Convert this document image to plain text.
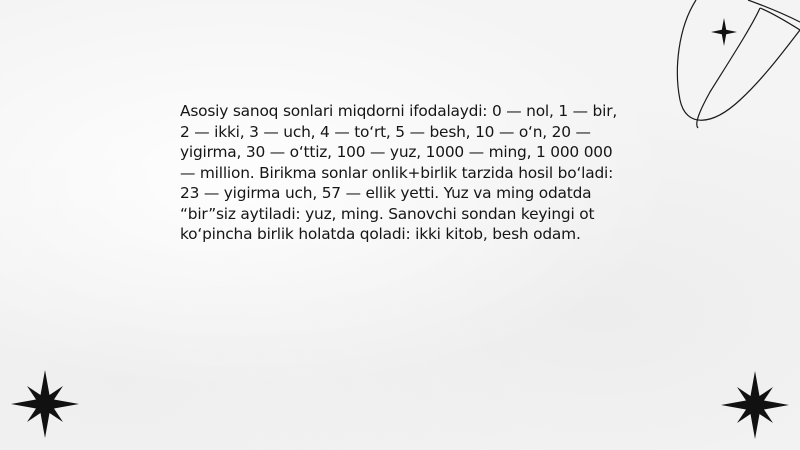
Asosiy sanoq sonlari miqdorni ifodalaydi: 0 — nol, 1 — bir, 2 — ikki, 3 — uch, 4 — to‘rt, 5 — besh, 10 — o‘n, 20 — yigirma, 30 — o‘ttiz, 100 — yuz, 1000 — ming, 1 000 000 — million. Birikma sonlar onlik+birlik tarzida hosil bo‘ladi: 23 — yigirma uch, 57 — ellik yetti. Yuz va ming odatda “bir”siz aytiladi: yuz, ming. Sanovchi sondan keyingi ot ko‘pincha birlik holatda qoladi: ikki kitob, besh odam.
